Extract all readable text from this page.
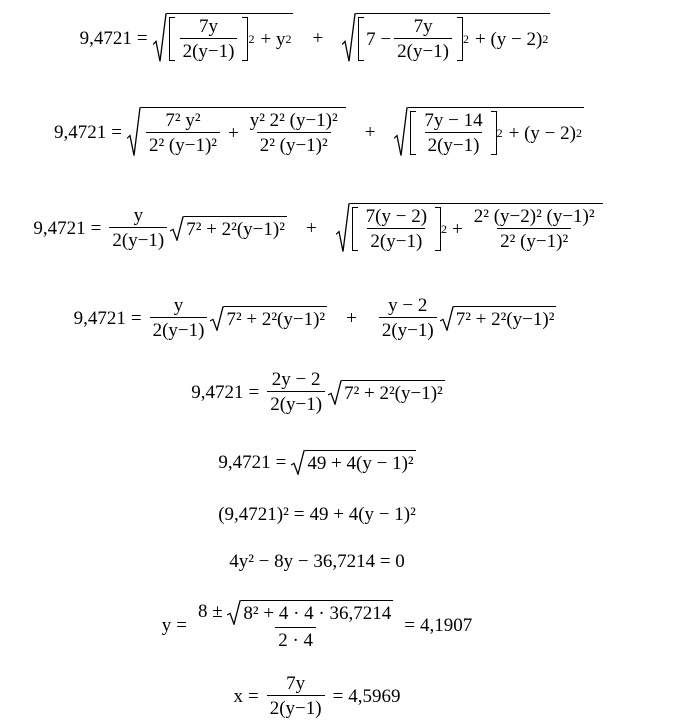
$9,4721 = \frac{7y}{2(y-1)} 2 + y$ $2 + 7 - \frac{7y}{2(y-1)} 2 + (y - 2)$ 2
$9,4721 = \frac{\text{7² y²}}{\text{2² (y−1)²}} + \frac{\text{y² 2² (y−1)²}}{\text{2² (y−1)²}} + \frac{7y - 14}{2(y-1)} 2 + (y - 2)$ 2
$9,4721 = \frac{y}{2(y-1)} 7^2 + 2^2(y-1)^2 + \frac{7(y - 2)}{2(y-1)} 2 + \frac{\text{2² (y−2)² (y−1)²}}{\text{2² (y−1)²}}$
$9,4721 = \frac{y}{2(y-1)} 7^2 + 2^2(y-1)^2 + \frac{y - 2}{2(y-1)} 7^2 + 2^2(y-1)^2$
$9,4721 = \frac{2y - 2}{2(y-1)} 7^2 + 2^2(y-1)^2$
9,4721 = 49 + 4(y − 1)²
(9,4721)² = 49 + 4(y − 1)²
4y² − 8y − 36,7214 = 0
$y = \frac{\text{8 ± 8² + 4 · 4 · 36,7214}}{2 \cdot 4} = 4,1907$
$x = \frac{7y}{2(y-1)} = 4,5969$
